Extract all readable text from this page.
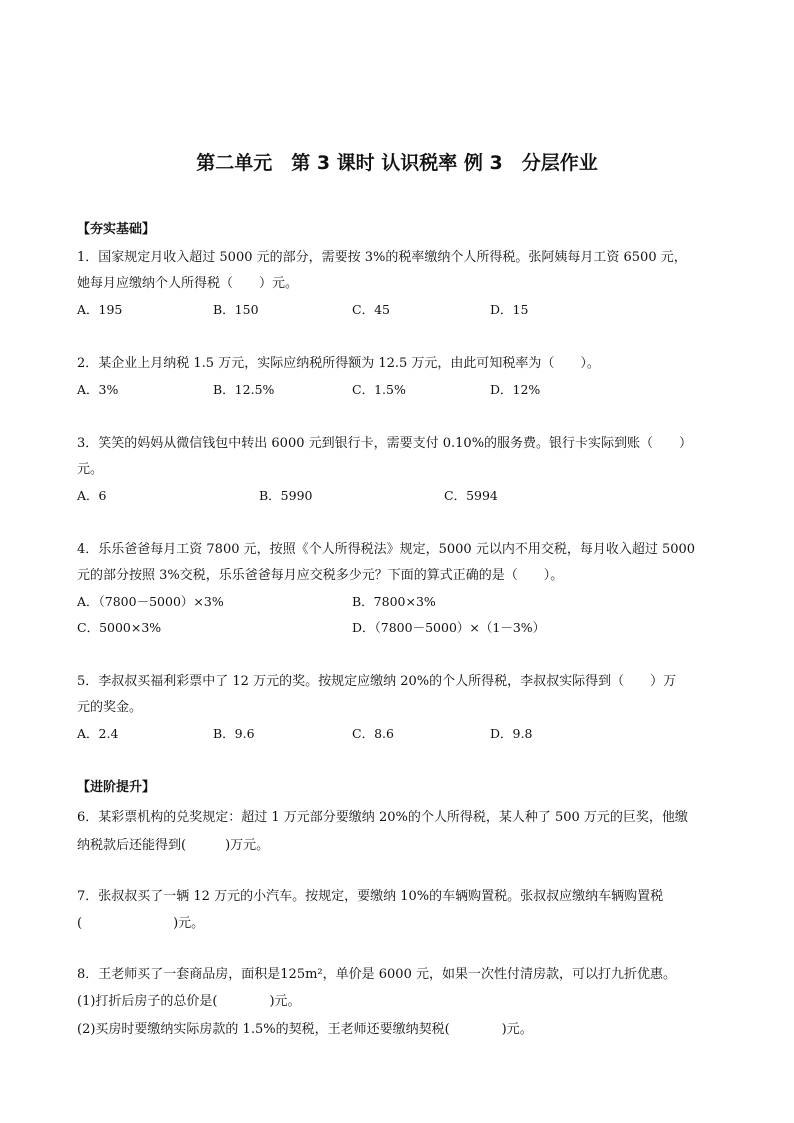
第二单元　第 3 课时 认识税率 例 3　分层作业
【夯实基础】
1．国家规定月收入超过 5000 元的部分，需要按 3%的税率缴纳个人所得税。张阿姨每月工资 6500 元，
她每月应缴纳个人所得税（　　）元。
A．195	B．150	C．45	D．15
2．某企业上月纳税 1.5 万元，实际应纳税所得额为 12.5 万元，由此可知税率为（　　）。
A．3%	B．12.5%	C．1.5%	D．12%
3．笑笑的妈妈从微信钱包中转出 6000 元到银行卡，需要支付 0.10%的服务费。银行卡实际到账（　　）
元。
A．6	B．5990	C．5994
4．乐乐爸爸每月工资 7800 元，按照《个人所得税法》规定，5000 元以内不用交税，每月收入超过 5000
元的部分按照 3%交税，乐乐爸爸每月应交税多少元？下面的算式正确的是（　　）。
A．（7800－5000）×3%	B．7800×3%
C．5000×3%	D．（7800－5000）×（1－3%）
5．李叔叔买福利彩票中了 12 万元的奖。按规定应缴纳 20%的个人所得税，李叔叔实际得到（　　）万
元的奖金。
A．2.4	B．9.6	C．8.6	D．9.8
【进阶提升】
6．某彩票机构的兑奖规定：超过 1 万元部分要缴纳 20%的个人所得税，某人种了 500 万元的巨奖，他缴
纳税款后还能得到(　　　)万元。
7．张叔叔买了一辆 12 万元的小汽车。按规定，要缴纳 10%的车辆购置税。张叔叔应缴纳车辆购置税
(　　　　　　　)元。
8．王老师买了一套商品房，面积是125m²，单价是 6000 元，如果一次性付清房款，可以打九折优惠。
(1)打折后房子的总价是(　　　　)元。
(2)买房时要缴纳实际房款的 1.5%的契税，王老师还要缴纳契税(　　　　)元。
